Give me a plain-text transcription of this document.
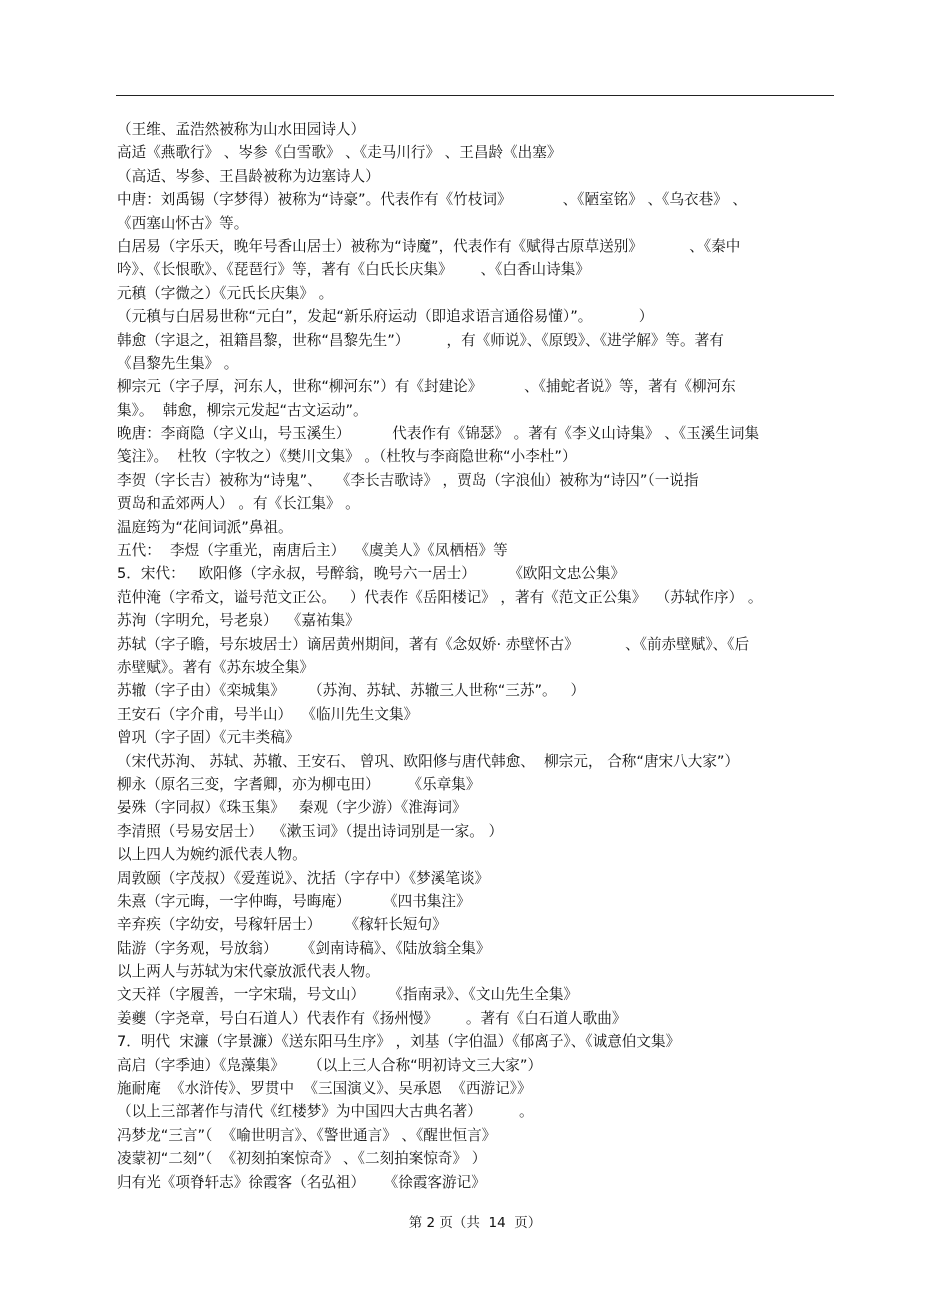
（王维、孟浩然被称为山水田园诗人）
高适《燕歌行》 、岑参《白雪歌》 、《走马川行》 、王昌龄《出塞》
（高适、岑参、王昌龄被称为边塞诗人）
中唐：刘禹锡（字梦得）被称为“诗豪”。代表作有《竹枝词》           、《陋室铭》 、《乌衣巷》 、
《西塞山怀古》等。
白居易（字乐天，晚年号香山居士）被称为“诗魔”，代表作有《赋得古原草送别》          、《秦中
吟》、《长恨歌》、《琵琶行》等，著有《白氏长庆集》      、《白香山诗集》
元稹（字微之）《元氏长庆集》 。
（元稹与白居易世称“元白”，发起“新乐府运动（即追求语言通俗易懂）”。          ）
韩愈（字退之，祖籍昌黎，世称“昌黎先生”）        ，有《师说》、《原毁》、《进学解》等。著有
《昌黎先生集》 。
柳宗元（字子厚，河东人，世称“柳河东”）有《封建论》         、《捕蛇者说》等，著有《柳河东
集》。  韩愈，柳宗元发起“古文运动”。
晚唐：李商隐（字义山，号玉溪生）         代表作有《锦瑟》 。著有《李义山诗集》 、《玉溪生词集
笺注》。  杜牧（字牧之）《樊川文集》 。（杜牧与李商隐世称“小李杜”）
李贺（字长吉）被称为“诗鬼”、   《李长吉歌诗》 ，贾岛（字浪仙）被称为“诗囚”（一说指
贾岛和孟郊两人） 。有《长江集》 。
温庭筠为“花间词派”鼻祖。
五代：  李煜（字重光，南唐后主）  《虞美人》《凤栖梧》等
5．宋代：   欧阳修（字永叔，号醉翁，晚号六一居士）       《欧阳文忠公集》
范仲淹（字希文，谥号范文正公。   ）代表作《岳阳楼记》 ，著有《范文正公集》  （苏轼作序） 。
苏洵（字明允，号老泉）  《嘉祐集》
苏轼（字子瞻，号东坡居士）谪居黄州期间，著有《念奴娇· 赤壁怀古》          、《前赤壁赋》、《后
赤壁赋》。著有《苏东坡全集》
苏辙（字子由）《栾城集》     （苏洵、苏轼、苏辙三人世称“三苏”。   ）
王安石（字介甫，号半山）  《临川先生文集》
曾巩（字子固）《元丰类稿》
（宋代苏洵、 苏轼、苏辙、王安石、 曾巩、欧阳修与唐代韩愈、  柳宗元， 合称“唐宋八大家”）
柳永（原名三变，字耆卿，亦为柳屯田）      《乐章集》
晏殊（字同叔）《珠玉集》   秦观（字少游）《淮海词》
李清照（号易安居士）  《漱玉词》（提出诗词别是一家。 ）
以上四人为婉约派代表人物。
周敦颐（字茂叔）《爱莲说》、沈括（字存中）《梦溪笔谈》
朱熹（字元晦，一字仲晦，号晦庵）       《四书集注》
辛弃疾（字幼安，号稼轩居士）     《稼轩长短句》
陆游（字务观，号放翁）     《剑南诗稿》、《陆放翁全集》
以上两人与苏轼为宋代豪放派代表人物。
文天祥（字履善，一字宋瑞，号文山）     《指南录》、《文山先生全集》
姜夔（字尧章，号白石道人）代表作有《扬州慢》      。著有《白石道人歌曲》
7．明代  宋濂（字景濂）《送东阳马生序》 ，刘基（字伯温）《郁离子》、《诚意伯文集》
高启（字季迪）《凫藻集》     （以上三人合称“明初诗文三大家”）
施耐庵  《水浒传》、罗贯中  《三国演义》、吴承恩  《西游记》》
（以上三部著作与清代《红楼梦》为中国四大古典名著）        。
冯梦龙“三言”（  《喻世明言》、《警世通言》 、《醒世恒言》
凌蒙初“二刻”（  《初刻拍案惊奇》 、《二刻拍案惊奇》 ）
归有光《项脊轩志》徐霞客（名弘祖）    《徐霞客游记》
第 2 页（共  14  页）
